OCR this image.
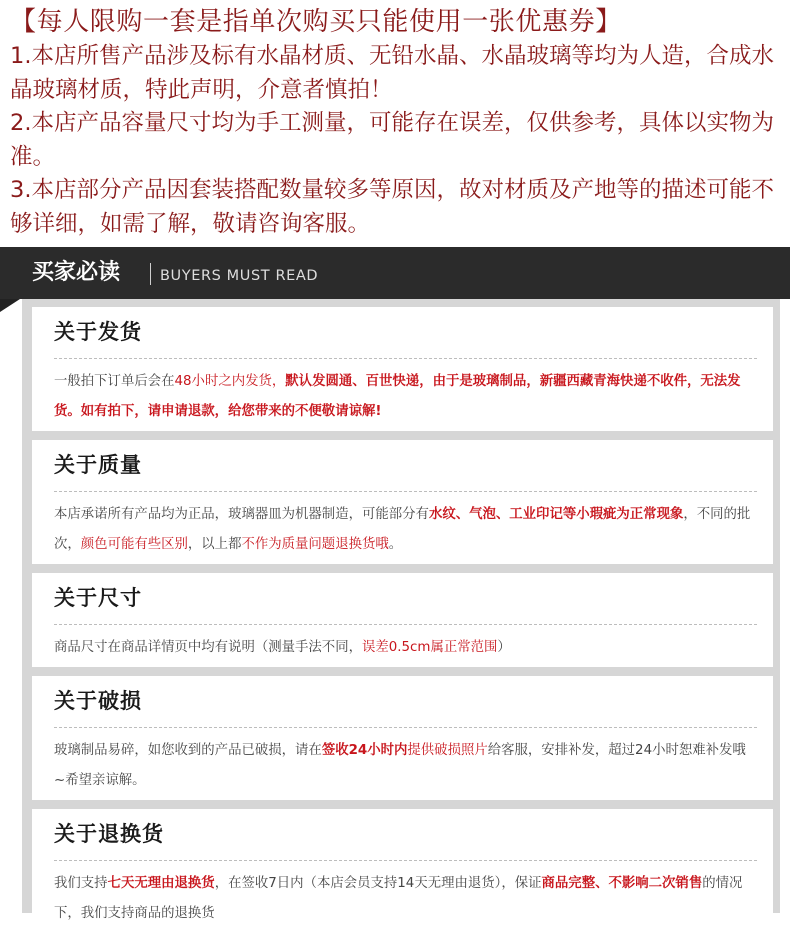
【每人限购一套是指单次购买只能使用一张优惠券】
1.本店所售产品涉及标有水晶材质、无铅水晶、水晶玻璃等均为人造，合成水晶玻璃材质，特此声明，介意者慎拍！
2.本店产品容量尺寸均为手工测量，可能存在误差，仅供参考，具体以实物为准。
3.本店部分产品因套装搭配数量较多等原因，故对材质及产地等的描述可能不够详细，如需了解，敬请咨询客服。
买家必读	BUYERS MUST READ
关于发货
一般拍下订单后会在48小时之内发货，默认发圆通、百世快递，由于是玻璃制品，新疆西藏青海快递不收件，无法发货。如有拍下，请申请退款，给您带来的不便敬请谅解!
关于质量
本店承诺所有产品均为正品，玻璃器皿为机器制造，可能部分有水纹、气泡、工业印记等小瑕疵为正常现象，不同的批次，颜色可能有些区别，以上都不作为质量问题退换货哦。
关于尺寸
商品尺寸在商品详情页中均有说明（测量手法不同，误差0.5cm属正常范围）
关于破损
玻璃制品易碎，如您收到的产品已破损，请在签收24小时内提供破损照片给客服，安排补发，超过24小时恕难补发哦~希望亲谅解。
关于退换货
我们支持七天无理由退换货，在签收7日内（本店会员支持14天无理由退货），保证商品完整、不影响二次销售的情况下，我们支持商品的退换货
